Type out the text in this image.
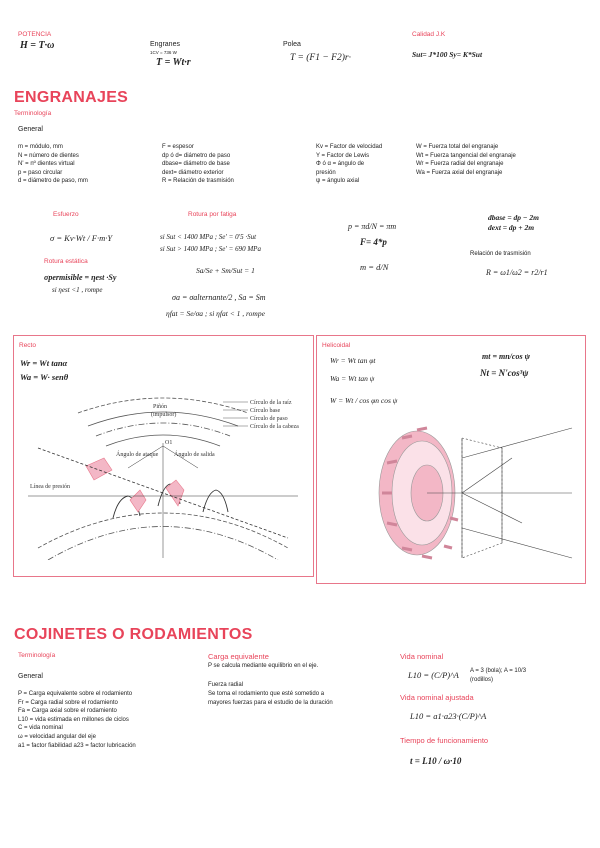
POTENCIA
H = T·ω	Engranes
1CV = 736 W
T = Wt·r
Polea
T = (F1 − F2)r·
Calidad J.K
Sut= J*100 Sy= K*Sut
ENGRANAJES
Terminología
General
m = módulo, mm
N = número de dientes
N' = nº dientes virtual
p = paso circular
d = diámetro de paso, mm
F = espesor
dp ó d= diámetro de paso
dbase= diámetro de base
dext= diámetro exterior
R = Relación de trasmisión
Kv = Factor de velocidad
Y = Factor de Lewis
Φ ó α = ángulo de
presión
ψ = ángulo axial
W = Fuerza total del engranaje
Wt = Fuerza tangencial del engranaje
Wr = Fuerza radial del engranaje
Wa = Fuerza axial del engranaje
Esfuerzo
σ = Kv·Wt / F·m·Y
Rotura estática
σpermisible = ηest ·Sy
si ηest <1 , rompe
Rotura por fatiga
si Sut < 1400 MPa ; Se' = 0'5 ·Sut
si Sut > 1400 MPa ; Se' = 690 MPa
Sa/Se + Sm/Sut = 1
σa = σalternante/2 , Sa = Sm
ηfat = Se/σa ; si ηfat < 1 , rompe
p = πd/N = πm
F= 4*p
m = d/N
dbase = dp − 2m
dext = dp + 2m
Relación de trasmisión
R = ω1/ω2 = r2/r1
Recto
Wr = Wt tanα
Wa = W· senθ
Piñón
(impulsor)
Círculo de la raíz
Círculo base
Círculo de paso
Círculo de la cabeza
O1
Ángulo de ataque	Ángulo de salida
Línea de presión
Helicoidal
Wr = Wt tan φt
Wa = Wt tan ψ
W = Wt / cos φn cos ψ
mt = mn/cos ψ
Nt = N'cos³ψ
COJINETES O RODAMIENTOS
Terminología
General
P = Carga equivalente sobre el rodamiento
Fr = Carga radial sobre el rodamiento
Fa = Carga axial sobre el rodamiento
L10 = vida estimada en millones de ciclos
C = vida nominal
ω = velocidad angular del eje
a1 = factor fiabilidad a23 = factor lubricación
Carga equivalente
P se calcula mediante equilibrio en el eje.
Fuerza radial
Se toma el rodamiento que esté sometido a
mayores fuerzas para el estudio de la duración
Vida nominal
L10 = (C/P)^A A = 3 (bola); A = 10/3
(rodillos)
Vida nominal ajustada
L10 = a1·a23·(C/P)^A
Tiempo de funcionamiento
t = L10 / ω·10
